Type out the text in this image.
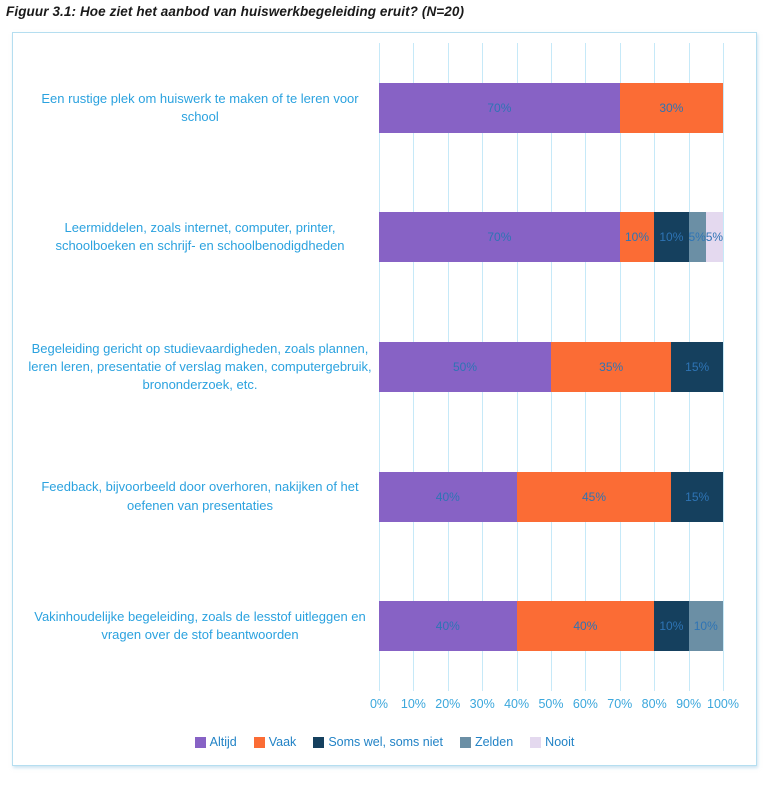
Figuur 3.1: Hoe ziet het aanbod van huiswerkbegeleiding eruit? (N=20)
Een rustige plek om huiswerk te maken of te leren voor school
70%	30%
Leermiddelen, zoals internet, computer, printer, schoolboeken en schrijf- en schoolbenodigdheden
70%	10% 10% 5% 5%
Begeleiding gericht op studievaardigheden, zoals plannen, leren leren, presentatie of verslag maken, computergebruik, brononderzoek, etc.
50%	35%	15%
Feedback, bijvoorbeeld door overhoren, nakijken of het oefenen van presentaties
40%	45%	15%
Vakinhoudelijke begeleiding, zoals de lesstof uitleggen en vragen over de stof beantwoorden
40%	40%	10% 10%
0% 10% 20% 30% 40% 50% 60% 70% 80% 90% 100%
Altijd	Vaak	Soms wel, soms niet	Zelden	Nooit
